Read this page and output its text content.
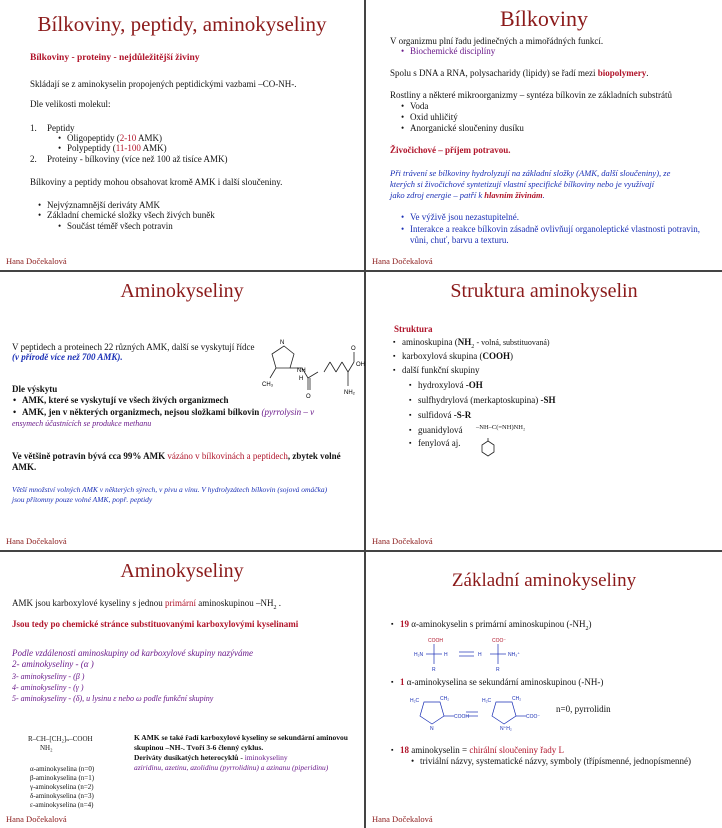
Bílkoviny, peptidy, aminokyseliny
Bílkoviny - proteiny - nejdůležitější živiny
Skládají se z aminokyselin propojených peptidickými vazbami –CO-NH-.
Dle velikosti molekul:
1. Peptidy
• Oligopeptidy (2-10 AMK)
• Polypeptidy (11-100 AMK)
2. Proteiny - bílkoviny (více než 100 až tisíce AMK)
Bílkoviny a peptidy mohou obsahovat kromě AMK i další sloučeniny.
• Nejvýznamnější deriváty AMK
• Základní chemické složky všech živých buněk
• Součást téměř všech potravin
Hana Dočekalová
Bílkoviny
V organizmu plní řadu jedinečných a mimořádných funkcí.
• Biochemické disciplíny
Spolu s DNA a RNA, polysacharidy (lipidy) se řadí mezi biopolymery.
Rostliny a některé mikroorganizmy – syntéza bílkovin ze základních substrátů
• Voda
• Oxid uhličitý
• Anorganické sloučeniny dusíku
Živočichové – příjem potravou.
Při trávení se bílkoviny hydrolyzují na základní složky (AMK, další sloučeniny), ze
kterých si živočichové syntetizují vlastní specifické bílkoviny nebo je využívají
jako zdroj energie – patří k hlavním živinám.
• Ve výživě jsou nezastupitelné.
• Interakce a reakce bílkovin zásadně ovlivňují organoleptické vlastnosti potravin,
vůni, chuť, barvu a texturu.
Hana Dočekalová
Aminokyseliny
V peptidech a proteinech 22 různých AMK, další se vyskytují řídce
(v přírodě více než 700 AMK).
Dle výskytu
• AMK, které se vyskytují ve všech živých organizmech
• AMK, jen v některých organizmech, nejsou složkami bílkovin (pyrrolysin – v
ensymech účastnících se produkce methanu
Ve většině potravin bývá cca 99% AMK vázáno v bílkovinách a peptidech, zbytek volné
AMK.
Větší množství volných AMK v některých sýrech, v pivu a vínu. V hydrolyzátech bílkovin (sojová omáčka)
jsou přítomny pouze volné AMK, popř. peptidy
NH
H
CH₃
O
O
OH
NH₂
N
Hana Dočekalová
Struktura aminokyselin
Struktura
▪ aminoskupina ($NH_2$ - volná, substituovaná)
▪ karboxylová skupina (COOH)
▪ další funkční skupiny
▪ hydroxylová -OH
▪ sulfhydrylová (merkaptoskupina) -SH
▪ sulfidová -S-R
▪ guanidylová –NH–C(=NH)NH₂
▪ fenylová aj.
Hana Dočekalová
Aminokyseliny
AMK jsou karboxylové kyseliny s jednou primární aminoskupinou $-NH_2$ .
Jsou tedy po chemické stránce substituovanými karboxylovými kyselinami
Podle vzdálenosti aminoskupiny od karboxylové skupiny nazýváme
2- aminokyseliny - (α )
3- aminokyseliny - (β )
4- aminokyseliny - (γ )
5- aminokyseliny - (δ), u lysinu ε nebo ω podle funkční skupiny
R–CH–[CH₂]ₙ–COOH
NH₂
α-aminokyselina (n=0)
β-aminokyselina (n=1)
γ-aminokyselina (n=2)
δ-aminokyselina (n=3)
ε-aminokyselina (n=4)
K AMK se také řadí karboxylové kyseliny se sekundární aminovou
skupinou –NH-. Tvoří 3-6 členný cyklus.
Deriváty dusíkatých heterocyklů - iminokyseliny
aziridinu, azetinu, azolidinu (pyrrolidinu) a azinanu (piperidinu)
Hana Dočekalová
Základní aminokyseliny
▪ 19 α-aminokyselin s primární aminoskupinou $(-NH_2)$
COOH	COO⁻
H₂N	H
H	NH₃⁺
R	R
▪ 1 α-aminokyselina se sekundární aminoskupinou (-NH-)
H₂C	CH₂
COOH
N
H₂C	CH₂
COO⁻
N⁺H₂
n=0, pyrrolidin
▪ 18 aminokyselin = chirální sloučeniny řady L
• triviální názvy, systematické názvy, symboly (třípísmenné, jednopísmenné)
Hana Dočekalová
